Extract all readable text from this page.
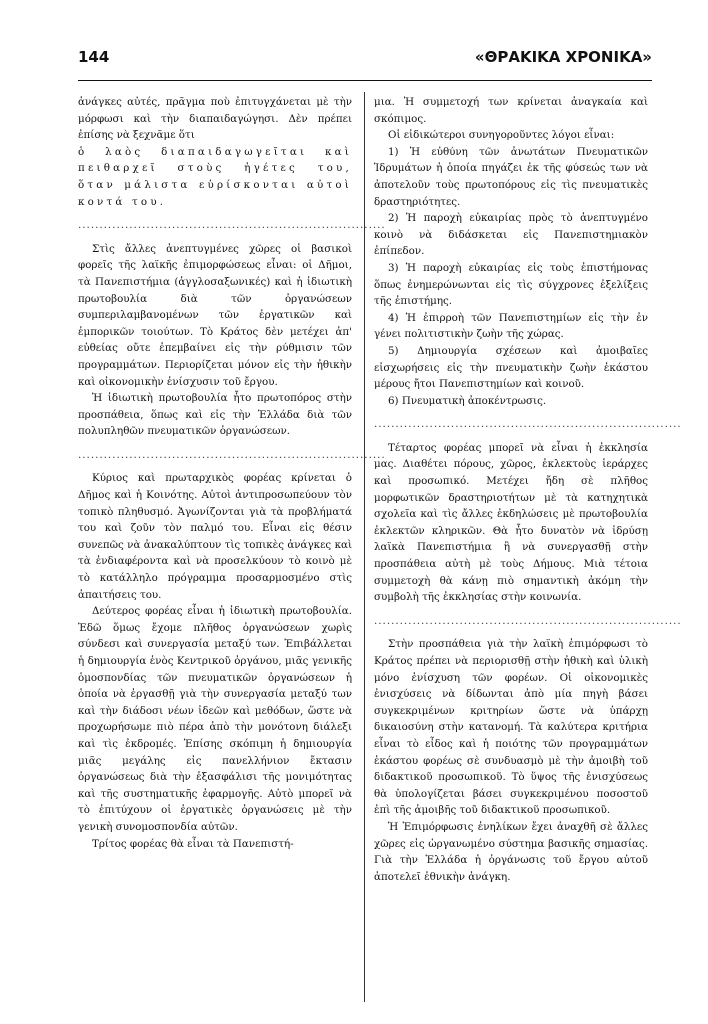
144	«ΘΡΑΚΙΚΑ ΧΡΟΝΙΚΑ»

ἀνάγκες αὐτές, πρᾶγμα ποὺ ἐπιτυγχάνεται μὲ τὴν μόρφωσι καὶ τὴν διαπαιδαγώγησι. Δὲν πρέπει ἐπίσης νὰ ξεχνᾶμε ὅτι

ὁ λαὸς διαπαιδαγωγεῖται καὶ πειθαρχεῖ στοὺς ἡγέτες του, ὅταν μάλιστα εὑρίσκονται αὐτοὶ κοντά του.

........................................................................

Στὶς ἄλλες ἀνεπτυγμένες χῶρες οἱ βασικοὶ φορεῖς τῆς λαϊκῆς ἐπιμορφώσεως εἶναι: οἱ Δῆμοι, τὰ Πανεπιστήμια (ἀγγλοσαξωνικές) καὶ ἡ ἰδιωτικὴ πρωτοβουλία διὰ τῶν ὀργανώσεων συμπεριλαμβανομένων τῶν ἐργατικῶν καὶ ἐμπορικῶν τοιούτων. Τὸ Κράτος δὲν μετέχει ἀπ' εὐθείας οὔτε ἐπεμβαίνει εἰς τὴν ρύθμισιν τῶν προγραμμάτων. Περιορίζεται μόνον εἰς τὴν ἠθικὴν καὶ οἰκονομικὴν ἐνίσχυσιν τοῦ ἔργου.

Ἡ ἰδιωτικὴ πρωτοβουλία ἦτο πρωτοπόρος στὴν προσπάθεια, ὅπως καὶ εἰς τὴν Ἑλλάδα διὰ τῶν πολυπληθῶν πνευματικῶν ὀργανώσεων.

........................................................................

Κύριος καὶ πρωταρχικὸς φορέας κρίνεται ὁ Δῆμος καὶ ἡ Κοινότης. Αὐτοὶ ἀντιπροσωπεύουν τὸν τοπικὸ πληθυσμό. Ἀγωνίζονται γιὰ τὰ προβλήματά του καὶ ζοῦν τὸν παλμό του. Εἶναι εἰς θέσιν συνεπῶς νὰ ἀνακαλύπτουν τὶς τοπικὲς ἀνάγκες καὶ τὰ ἐνδιαφέροντα καὶ νὰ προσελκύουν τὸ κοινὸ μὲ τὸ κατάλληλο πρόγραμμα προσαρμοσμένο στὶς ἀπαιτήσεις του.

Δεύτερος φορέας εἶναι ἡ ἰδιωτικὴ πρωτοβουλία. Ἐδῶ ὅμως ἔχομε πλῆθος ὀργανώσεων χωρὶς σύνδεσι καὶ συνεργασία μεταξύ των. Ἐπιβάλλεται ἡ δημιουργία ἑνὸς Κεντρικοῦ ὀργάνου, μιᾶς γενικῆς ὁμοσπονδίας τῶν πνευματικῶν ὀργανώσεων ἡ ὁποία νὰ ἐργασθῇ γιὰ τὴν συνεργασία μεταξύ των καὶ τὴν διάδοσι νέων ἰδεῶν καὶ μεθόδων, ὥστε νὰ προχωρήσωμε πιὸ πέρα ἀπὸ τὴν μονότονη διάλεξι καὶ τὶς ἐκδρομές. Ἐπίσης σκόπιμη ἡ δημιουργία μιᾶς μεγάλης εἰς πανελλήνιον ἔκτασιν ὀργανώσεως διὰ τὴν ἐξασφάλισι τῆς μονιμότητας καὶ τῆς συστηματικῆς ἐφαρμογῆς. Αὐτὸ μπορεῖ νὰ τὸ ἐπιτύχουν οἱ ἐργατικὲς ὀργανώσεις μὲ τὴν γενικὴ συνομοσπονδία αὐτῶν.

Τρίτος φορέας θὰ εἶναι τὰ Πανεπιστή-

μια. Ἡ συμμετοχή των κρίνεται ἀναγκαία καὶ σκόπιμος.

Οἱ εἰδικώτεροι συνηγοροῦντες λόγοι εἶναι:

1) Ἡ εὐθύνη τῶν ἀνωτάτων Πνευματικῶν Ἱδρυμάτων ἡ ὁποία πηγάζει ἐκ τῆς φύσεώς των νὰ ἀποτελοῦν τοὺς πρωτοπόρους εἰς τὶς πνευματικὲς δραστηριότητες.

2) Ἡ παροχὴ εὐκαιρίας πρὸς τὸ ἀνεπτυγμένο κοινὸ νὰ διδάσκεται εἰς Πανεπιστημιακὸν ἐπίπεδον.

3) Ἡ παροχὴ εὐκαιρίας εἰς τοὺς ἐπιστήμονας ὅπως ἐνημερώνωνται εἰς τὶς σύγχρονες ἐξελίξεις τῆς ἐπιστήμης.

4) Ἡ ἐπιρροὴ τῶν Πανεπιστημίων εἰς τὴν ἐν γένει πολιτιστικὴν ζωὴν τῆς χώρας.

5) Δημιουργία σχέσεων καὶ ἀμοιβαῖες εἰσχωρήσεις εἰς τὴν πνευματικὴν ζωὴν ἑκάστου μέρους ἤτοι Πανεπιστημίων καὶ κοινοῦ.

6) Πνευματικὴ ἀποκέντρωσις.

........................................................................

Τέταρτος φορέας μπορεῖ νὰ εἶναι ἡ ἐκκλησία μας. Διαθέτει πόρους, χῶρος, ἐκλεκτοὺς ἱεράρχες καὶ προσωπικό. Μετέχει ἤδη σὲ πλῆθος μορφωτικῶν δραστηριοτήτων μὲ τὰ κατηχητικὰ σχολεῖα καὶ τὶς ἄλλες ἐκδηλώσεις μὲ πρωτοβουλία ἐκλεκτῶν κληρικῶν. Θὰ ἦτο δυνατὸν νὰ ἱδρύσῃ λαϊκὰ Πανεπιστήμια ἢ νὰ συνεργασθῇ στὴν προσπάθεια αὐτὴ μὲ τοὺς Δήμους. Μιὰ τέτοια συμμετοχὴ θὰ κάνῃ πιὸ σημαντικὴ ἀκόμη τὴν συμβολὴ τῆς ἐκκλησίας στὴν κοινωνία.

........................................................................

Στὴν προσπάθεια γιὰ τὴν λαϊκὴ ἐπιμόρφωσι τὸ Κράτος πρέπει νὰ περιορισθῇ στὴν ἠθικὴ καὶ ὑλικὴ μόνο ἐνίσχυση τῶν φορέων. Οἱ οἰκονομικὲς ἐνισχύσεις νὰ δίδωνται ἀπὸ μία πηγὴ βάσει συγκεκριμένων κριτηρίων ὥστε νὰ ὑπάρχῃ δικαιοσύνη στὴν κατανομή. Τὰ καλύτερα κριτήρια εἶναι τὸ εἶδος καὶ ἡ ποιότης τῶν προγραμμάτων ἑκάστου φορέως σὲ συνδυασμὸ μὲ τὴν ἀμοιβὴ τοῦ διδακτικοῦ προσωπικοῦ. Τὸ ὕψος τῆς ἐνισχύσεως θὰ ὑπολογίζεται βάσει συγκεκριμένου ποσοστοῦ ἐπὶ τῆς ἀμοιβῆς τοῦ διδακτικοῦ προσωπικοῦ.

Ἡ Ἐπιμόρφωσις ἐνηλίκων ἔχει ἀναχθῆ σὲ ἄλλες χῶρες εἰς ὡργανωμένο σύστημα βασικῆς σημασίας. Γιὰ τὴν Ἑλλάδα ἡ ὀργάνωσις τοῦ ἔργου αὐτοῦ ἀποτελεῖ ἐθνικὴν ἀνάγκη.
